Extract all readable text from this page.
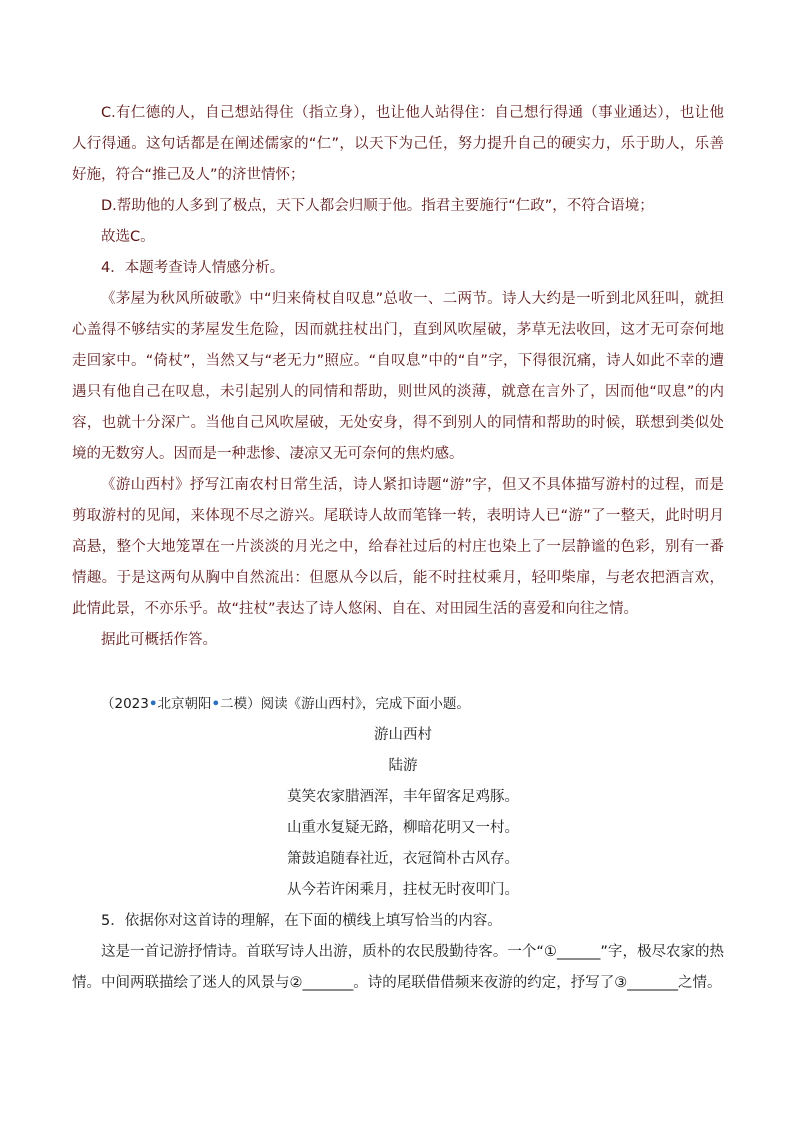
C.有仁德的人，自己想站得住（指立身），也让他人站得住：自己想行得通（事业通达），也让他人行得通。这句话都是在阐述儒家的“仁”，以天下为己任，努力提升自己的硬实力，乐于助人，乐善好施，符合“推己及人”的济世情怀；

D.帮助他的人多到了极点，天下人都会归顺于他。指君主要施行“仁政”，不符合语境；

故选C。

4．本题考查诗人情感分析。

《茅屋为秋风所破歌》中“归来倚杖自叹息”总收一、二两节。诗人大约是一听到北风狂叫，就担心盖得不够结实的茅屋发生危险，因而就拄杖出门，直到风吹屋破，茅草无法收回，这才无可奈何地走回家中。“倚杖”，当然又与“老无力”照应。“自叹息”中的“自”字，下得很沉痛，诗人如此不幸的遭遇只有他自己在叹息，未引起别人的同情和帮助，则世风的淡薄，就意在言外了，因而他“叹息”的内容，也就十分深广。当他自己风吹屋破，无处安身，得不到别人的同情和帮助的时候，联想到类似处境的无数穷人。因而是一种悲惨、凄凉又无可奈何的焦灼感。

《游山西村》抒写江南农村日常生活，诗人紧扣诗题“游”字，但又不具体描写游村的过程，而是剪取游村的见闻，来体现不尽之游兴。尾联诗人故而笔锋一转，表明诗人已“游”了一整天，此时明月高悬，整个大地笼罩在一片淡淡的月光之中，给春社过后的村庄也染上了一层静谧的色彩，别有一番情趣。于是这两句从胸中自然流出：但愿从今以后，能不时拄杖乘月，轻叩柴扉，与老农把酒言欢，此情此景，不亦乐乎。故“拄杖”表达了诗人悠闲、自在、对田园生活的喜爱和向往之情。

据此可概括作答。

（2023•北京朝阳•二模）阅读《游山西村》，完成下面小题。

游山西村

陆游

莫笑农家腊酒浑，丰年留客足鸡豚。

山重水复疑无路，柳暗花明又一村。

箫鼓追随春社近，衣冠简朴古风存。

从今若许闲乘月，拄杖无时夜叩门。

5．依据你对这首诗的理解，在下面的横线上填写恰当的内容。

这是一首记游抒情诗。首联写诗人出游，质朴的农民殷勤待客。一个“①______”字，极尽农家的热情。中间两联描绘了迷人的风景与②_______。诗的尾联借借频来夜游的约定，抒写了③_______之情。
